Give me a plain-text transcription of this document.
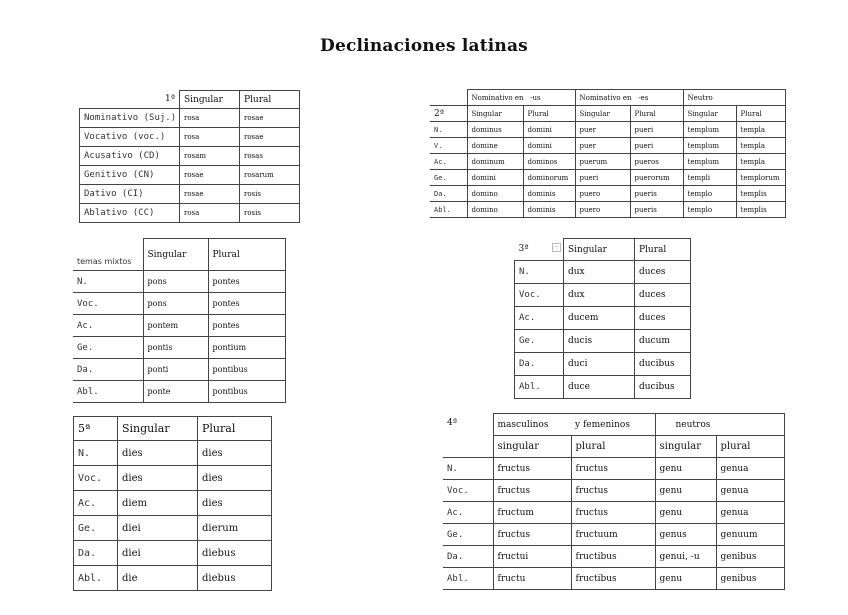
Declinaciones latinas
1ª	Singular	Plural
Nominativo (Suj.)	rosa	rosae
Vocativo (voc.)	rosa	rosae
Acusativo (CD)	rosam	rosas
Genitivo (CN)	rosae	rosarum
Dativo (CI)	rosae	rosis
Ablativo (CC)	rosa	rosis
	Nominativo en -us		Nominativo en -es		Neutro	
2ª	Singular	Plural	Singular	Plural	Singular	Plural
N.	dominus	domini	puer	pueri	templum	templa
V.	domine	domini	puer	pueri	templum	templa
Ac.	dominum	dominos	puerum	pueros	templum	templa
Ge.	domini	dominorum	pueri	puerorum	templi	templorum
Da.	domino	dominis	puero	pueris	templo	templis
Abl.	domino	dominis	puero	pueris	templo	templis
temas mixtos	Singular	Plural
N.	pons	pontes
Voc.	pons	pontes
Ac.	pontem	pontes
Ge.	pontis	pontium
Da.	ponti	pontibus
Abl.	ponte	pontibus
3ª −	Singular	Plural
N.	dux	duces
Voc.	dux	duces
Ac.	ducem	duces
Ge.	ducis	ducum
Da.	duci	ducibus
Abl.	duce	ducibus
5ª	Singular	Plural
N.	dies	dies
Voc.	dies	dies
Ac.	diem	dies
Ge.	diei	dierum
Da.	diei	diebus
Abl.	die	diebus
4ª	masculinos	y femeninos	neutros	
	singular	plural	singular	plural
N.	fructus	fructus	genu	genua
Voc.	fructus	fructus	genu	genua
Ac.	fructum	fructus	genu	genua
Ge.	fructus	fructuum	genus	genuum
Da.	fructui	fructibus	genui, -u	genibus
Abl.	fructu	fructibus	genu	genibus
